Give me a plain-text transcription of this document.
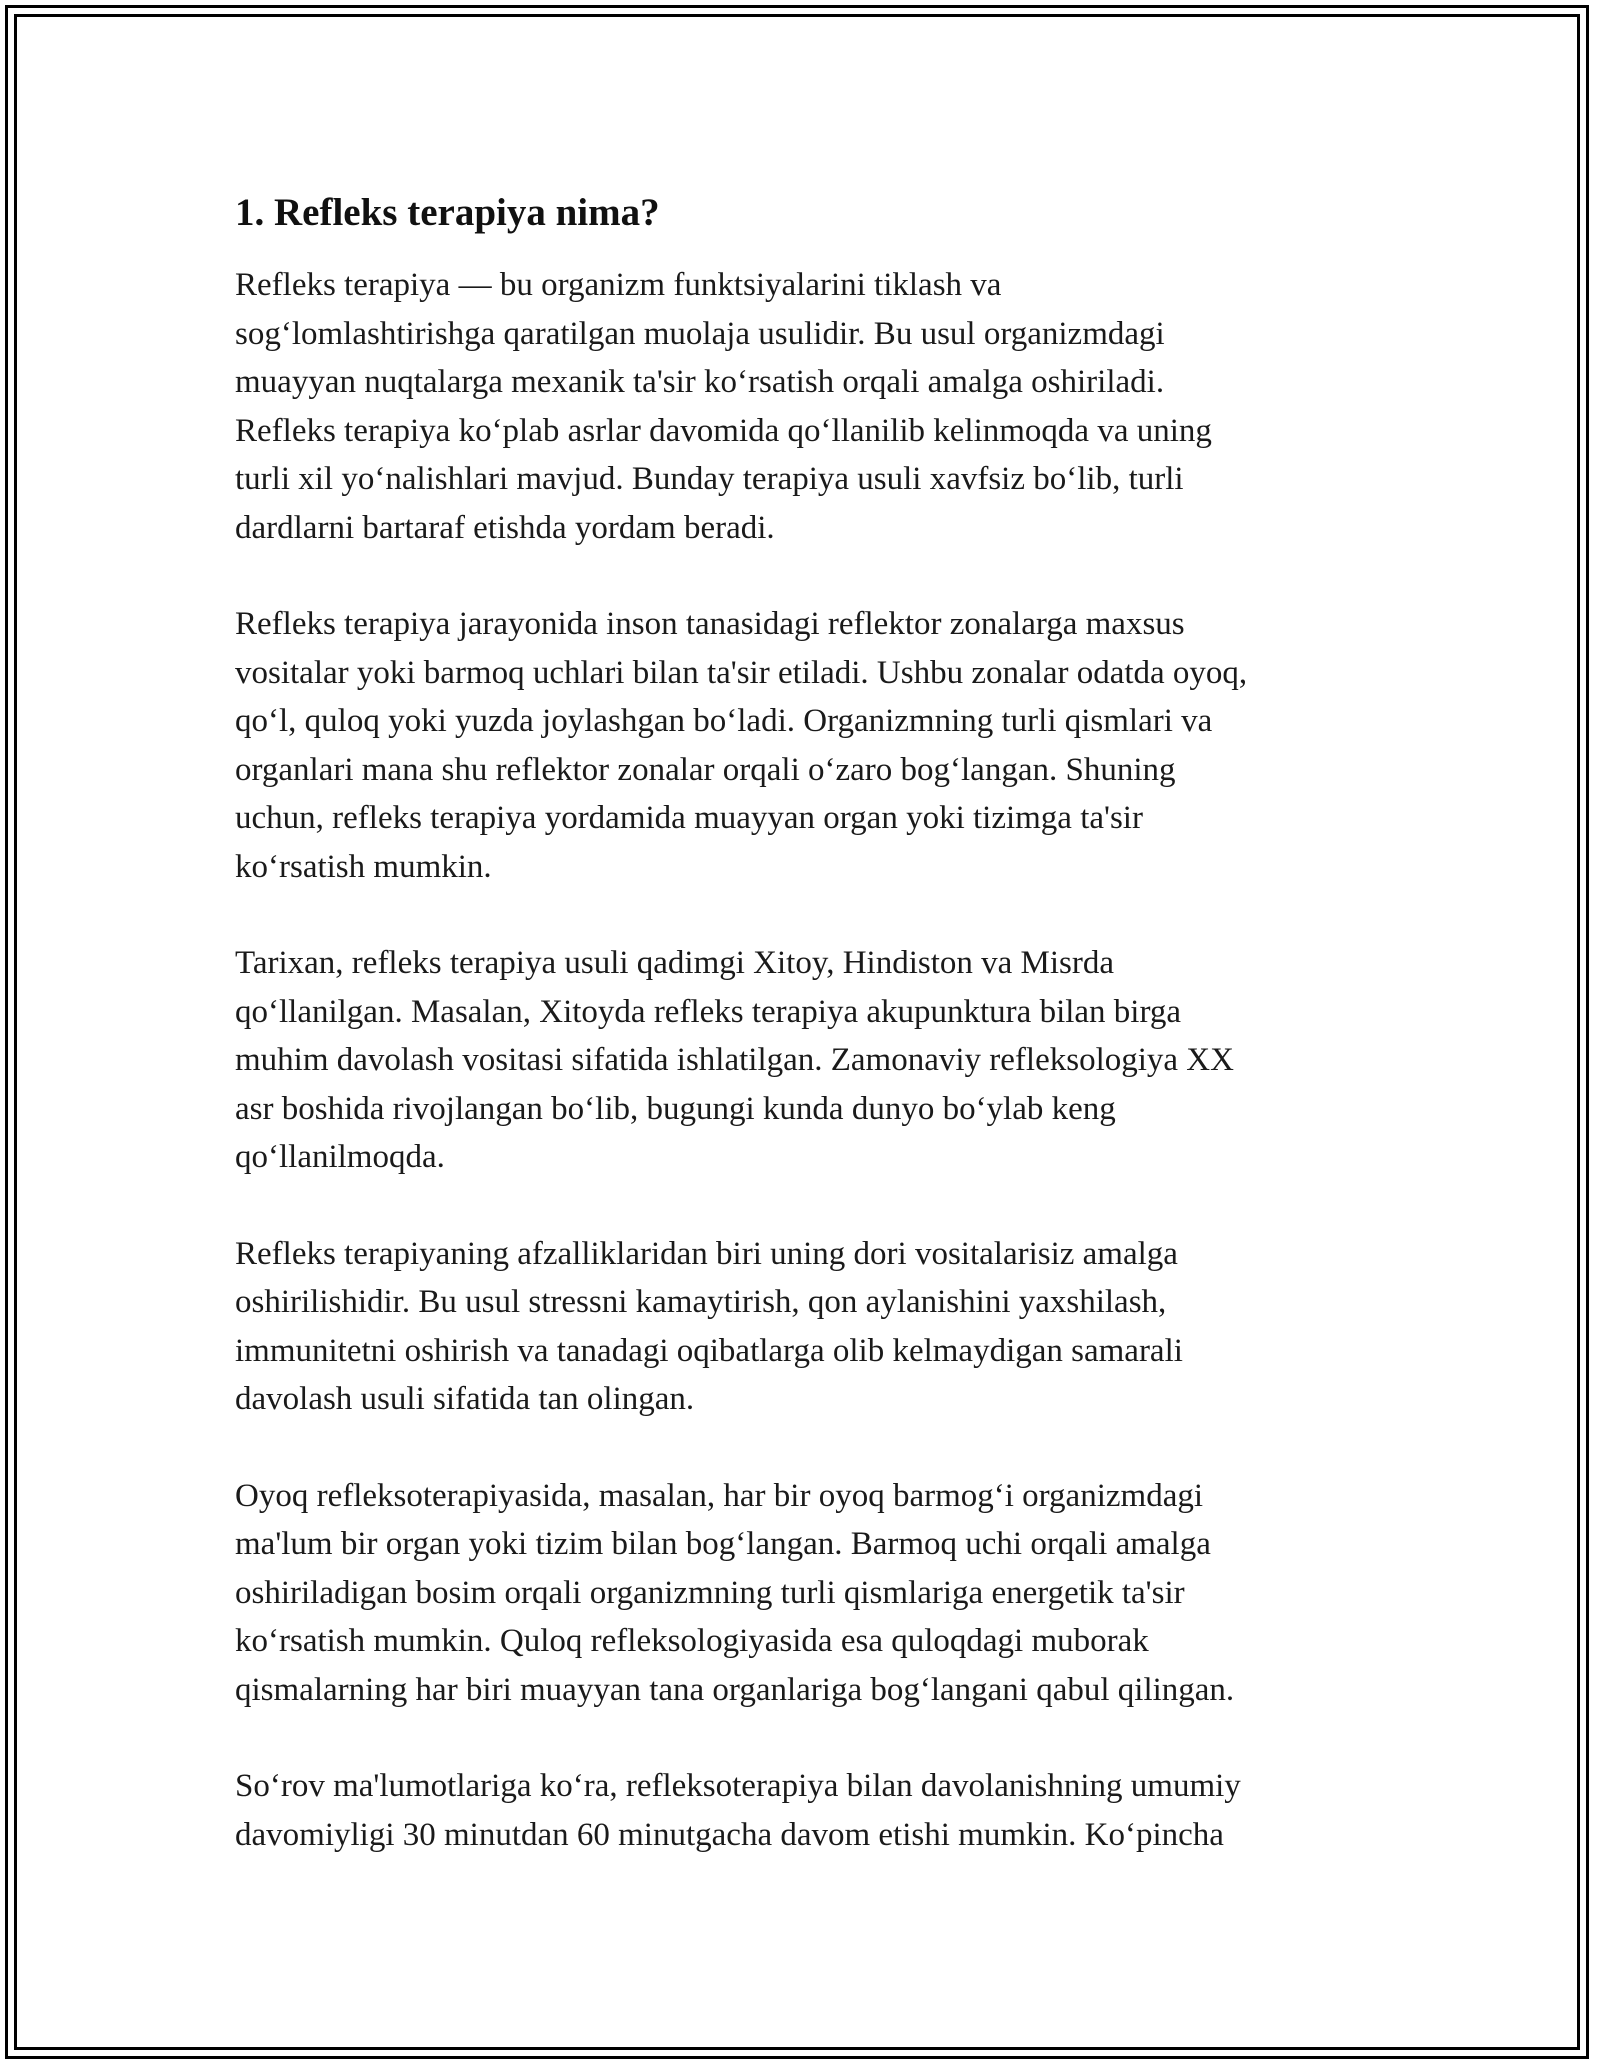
1. Refleks terapiya nima?

Refleks terapiya — bu organizm funktsiyalarini tiklash va
sog‘lomlashtirishga qaratilgan muolaja usulidir. Bu usul organizmdagi
muayyan nuqtalarga mexanik ta'sir ko‘rsatish orqali amalga oshiriladi.
Refleks terapiya ko‘plab asrlar davomida qo‘llanilib kelinmoqda va uning
turli xil yo‘nalishlari mavjud. Bunday terapiya usuli xavfsiz bo‘lib, turli
dardlarni bartaraf etishda yordam beradi.

Refleks terapiya jarayonida inson tanasidagi reflektor zonalarga maxsus
vositalar yoki barmoq uchlari bilan ta'sir etiladi. Ushbu zonalar odatda oyoq,
qo‘l, quloq yoki yuzda joylashgan bo‘ladi. Organizmning turli qismlari va
organlari mana shu reflektor zonalar orqali o‘zaro bog‘langan. Shuning
uchun, refleks terapiya yordamida muayyan organ yoki tizimga ta'sir
ko‘rsatish mumkin.

Tarixan, refleks terapiya usuli qadimgi Xitoy, Hindiston va Misrda
qo‘llanilgan. Masalan, Xitoyda refleks terapiya akupunktura bilan birga
muhim davolash vositasi sifatida ishlatilgan. Zamonaviy refleksologiya XX
asr boshida rivojlangan bo‘lib, bugungi kunda dunyo bo‘ylab keng
qo‘llanilmoqda.

Refleks terapiyaning afzalliklaridan biri uning dori vositalarisiz amalga
oshirilishidir. Bu usul stressni kamaytirish, qon aylanishini yaxshilash,
immunitetni oshirish va tanadagi oqibatlarga olib kelmaydigan samarali
davolash usuli sifatida tan olingan.

Oyoq refleksoterapiyasida, masalan, har bir oyoq barmog‘i organizmdagi
ma'lum bir organ yoki tizim bilan bog‘langan. Barmoq uchi orqali amalga
oshiriladigan bosim orqali organizmning turli qismlariga energetik ta'sir
ko‘rsatish mumkin. Quloq refleksologiyasida esa quloqdagi muborak
qismalarning har biri muayyan tana organlariga bog‘langani qabul qilingan.

So‘rov ma'lumotlariga ko‘ra, refleksoterapiya bilan davolanishning umumiy
davomiyligi 30 minutdan 60 minutgacha davom etishi mumkin. Ko‘pincha
